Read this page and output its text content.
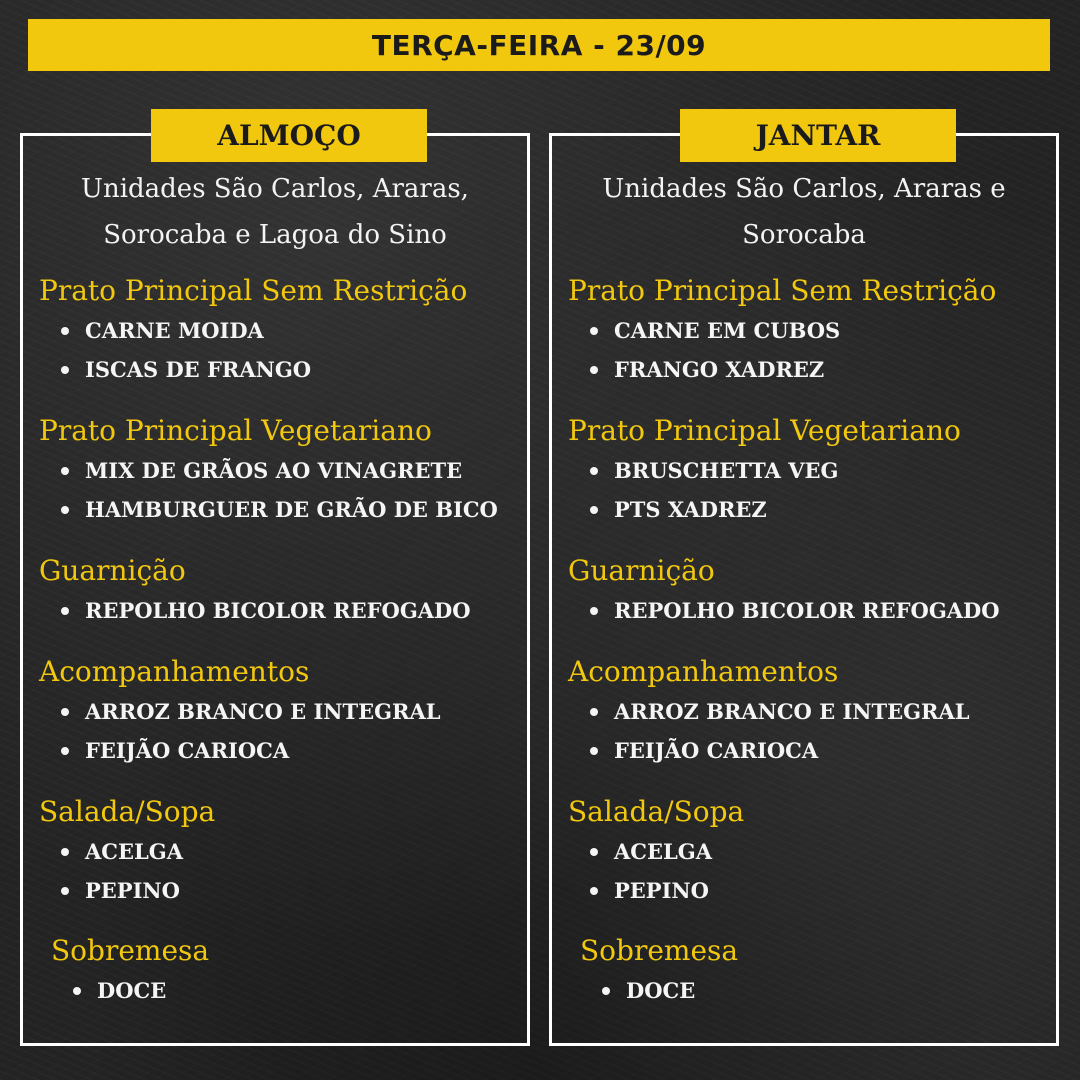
TERÇA-FEIRA - 23/09
ALMOÇO
Unidades São Carlos, Araras,
Sorocaba e Lagoa do Sino
Prato Principal Sem Restrição
CARNE MOIDA
ISCAS DE FRANGO
Prato Principal Vegetariano
MIX DE GRÃOS AO VINAGRETE
HAMBURGUER DE GRÃO DE BICO
Guarnição
REPOLHO BICOLOR REFOGADO
Acompanhamentos
ARROZ BRANCO E INTEGRAL
FEIJÃO CARIOCA
Salada/Sopa
ACELGA
PEPINO
Sobremesa
DOCE
JANTAR
Unidades São Carlos, Araras e
Sorocaba
Prato Principal Sem Restrição
CARNE EM CUBOS
FRANGO XADREZ
Prato Principal Vegetariano
BRUSCHETTA VEG
PTS XADREZ
Guarnição
REPOLHO BICOLOR REFOGADO
Acompanhamentos
ARROZ BRANCO E INTEGRAL
FEIJÃO CARIOCA
Salada/Sopa
ACELGA
PEPINO
Sobremesa
DOCE
